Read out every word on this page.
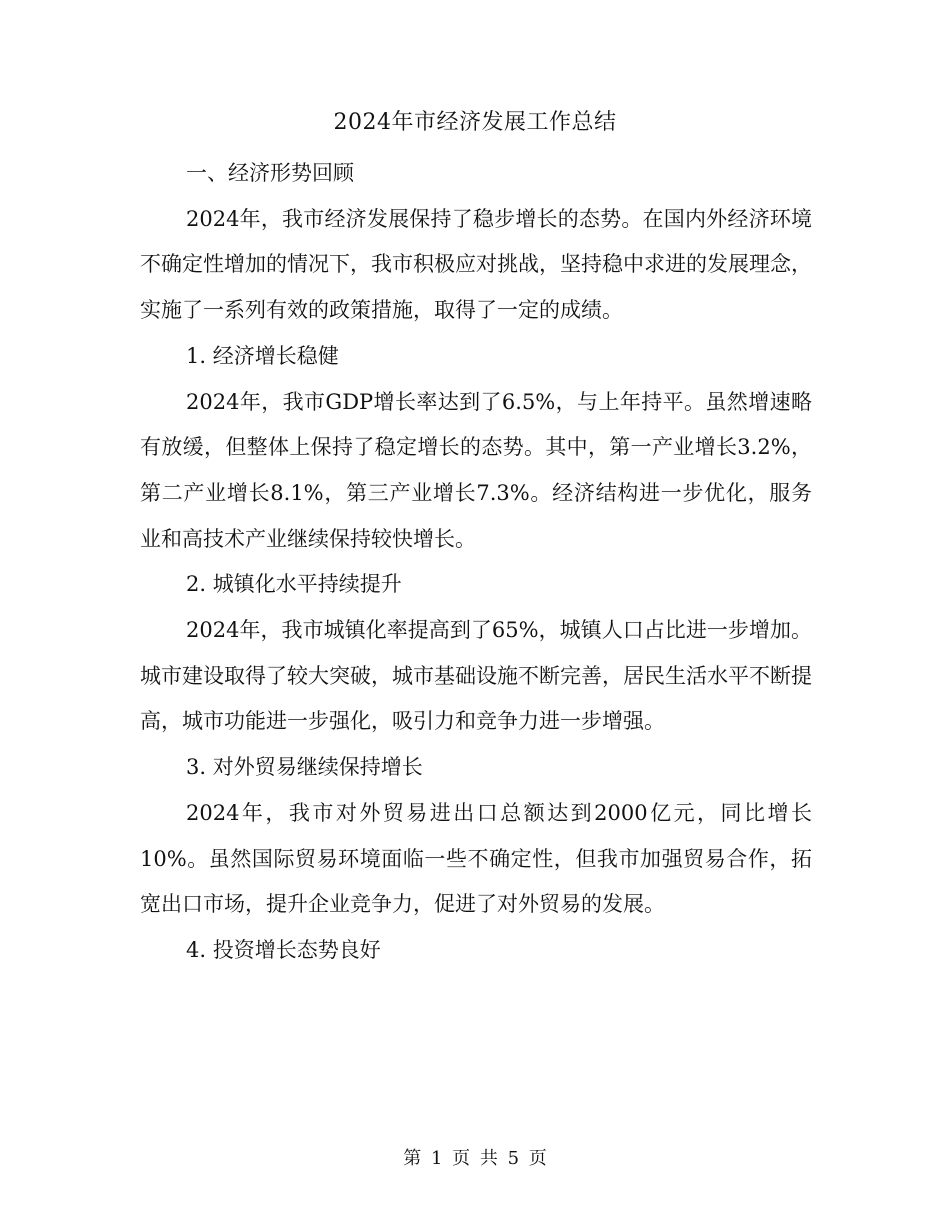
2024年市经济发展工作总结

一、经济形势回顾

2024年，我市经济发展保持了稳步增长的态势。在国内外经济环境不确定性增加的情况下，我市积极应对挑战，坚持稳中求进的发展理念，实施了一系列有效的政策措施，取得了一定的成绩。

1. 经济增长稳健

2024年，我市GDP增长率达到了6.5%，与上年持平。虽然增速略有放缓，但整体上保持了稳定增长的态势。其中，第一产业增长3.2%，第二产业增长8.1%，第三产业增长7.3%。经济结构进一步优化，服务业和高技术产业继续保持较快增长。

2. 城镇化水平持续提升

2024年，我市城镇化率提高到了65%，城镇人口占比进一步增加。城市建设取得了较大突破，城市基础设施不断完善，居民生活水平不断提高，城市功能进一步强化，吸引力和竞争力进一步增强。

3. 对外贸易继续保持增长

2024年，我市对外贸易进出口总额达到2000亿元，同比增长10%。虽然国际贸易环境面临一些不确定性，但我市加强贸易合作，拓宽出口市场，提升企业竞争力，促进了对外贸易的发展。

4. 投资增长态势良好

第 1 页 共 5 页
